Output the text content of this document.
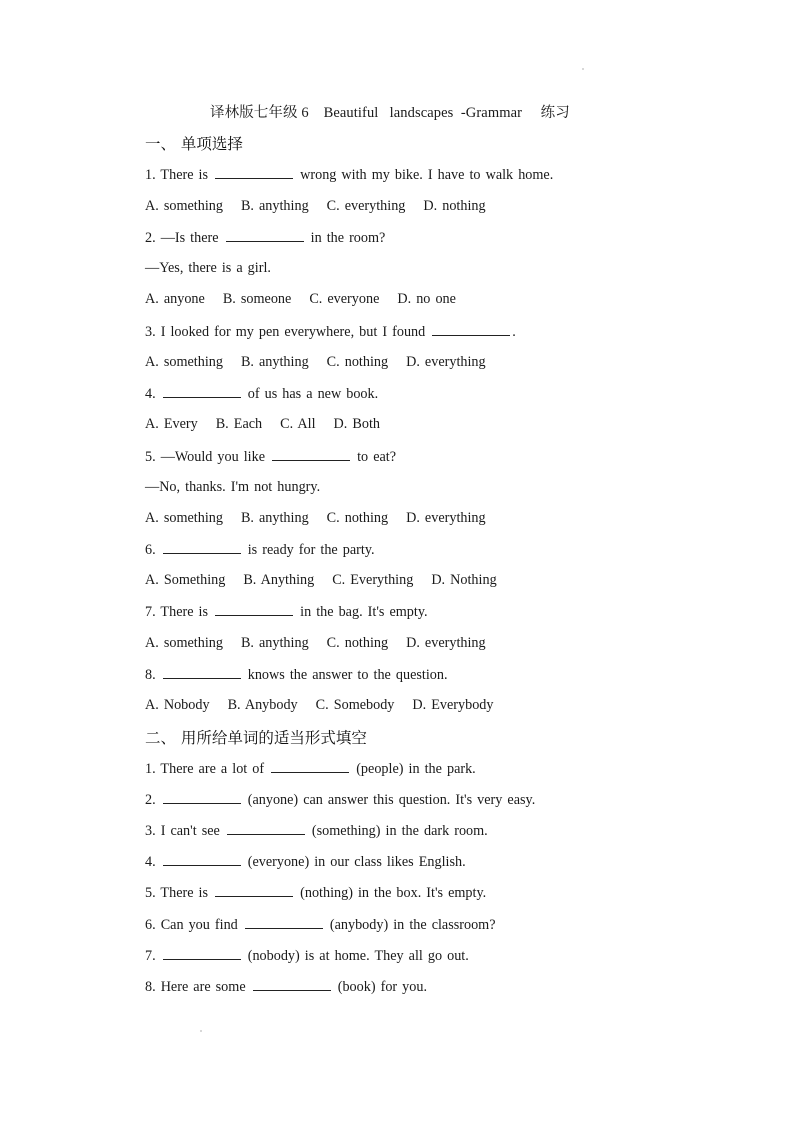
译林版七年级 6    Beautiful   landscapes  -Grammar     练习
一、 单项选择
1. There is	wrong with my bike. I have to walk home.
A. something B. anything C. everything D. nothing
2. —Is there	in the room?
—Yes, there is a girl.
A. anyone B. someone C. everyone D. no one
3. I looked for my pen everywhere, but I found	.
A. something B. anything C. nothing D. everything
4.	of us has a new book.
A. Every B. Each C. All D. Both
5. —Would you like	to eat?
—No, thanks. I'm not hungry.
A. something B. anything C. nothing D. everything
6.	is ready for the party.
A. Something B. Anything C. Everything D. Nothing
7. There is	in the bag. It's empty.
A. something B. anything C. nothing D. everything
8.	knows the answer to the question.
A. Nobody B. Anybody C. Somebody D. Everybody
二、 用所给单词的适当形式填空
1. There are a lot of	(people) in the park.
2.	(anyone) can answer this question. It's very easy.
3. I can't see	(something) in the dark room.
4.	(everyone) in our class likes English.
5. There is	(nothing) in the box. It's empty.
6. Can you find	(anybody) in the classroom?
7.	(nobody) is at home. They all go out.
8. Here are some	(book) for you.
